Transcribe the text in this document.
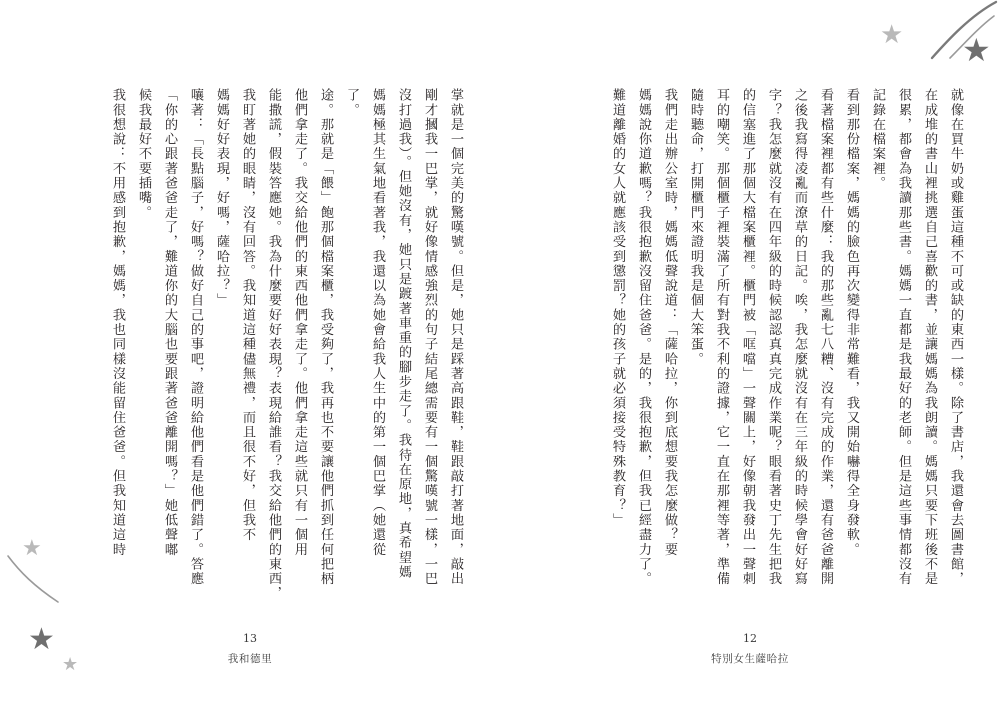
★ ★
★
★
★
掌就是一個完美的驚嘆號。但是，她只是踩著高跟鞋，鞋跟敲打著地面，敲出
剛才摑我一巴掌，就好像情感強烈的句子結尾總需要有一個驚嘆號一樣，一巴
沒打過我）。但她沒有，她只是踱著車重的腳步走了。我待在原地，真希望媽
媽媽極其生氣地看著我，我還以為她會給我人生中的第一個巴掌（她還從
了。
途。那就是「餵」飽那個檔案櫃，我受夠了，我再也不要讓他們抓到任何把柄
他們拿走了。我交給他們的東西他們拿走了。他們拿走這些就只有一個用
能撒謊，假裝答應她。我為什麼要好好表現？表現給誰看？我交給他們的東西，
我盯著她的眼睛，沒有回答。我知道這種儘無禮，而且很不好，但我不
媽媽好好表現，好嗎，薩哈拉？」
嚷著：「長點腦子，好嗎？做好自己的事吧，證明給他們看是他們錯了。答應
「你的心跟著爸爸走了，難道你的大腦也要跟著爸爸離開嗎？」她低聲嘟
候我最好不要插嘴。
我很想說：不用感到抱歉，媽媽，我也同樣沒能留住爸爸。但我知道這時
13
我和德里
就像在買牛奶或雞蛋這種不可或缺的東西一樣。除了書店，我還會去圖書館，
在成堆的書山裡挑選自己喜歡的書，並讓媽媽為我朗讀。媽媽只要下班後不是
很累，都會為我讀那些書。媽媽一直都是我最好的老師。但是這些事情都沒有
記錄在檔案裡。
看到那份檔案，媽媽的臉色再次變得非常難看，我又開始嚇得全身發軟。
看著檔案裡都有些什麼：我的那些亂七八糟、沒有完成的作業，還有爸爸離開
之後我寫得凌亂而潦草的日記。唉，我怎麼就沒有在三年級的時候學會好好寫
字？我怎麼就沒有在四年級的時候認認真真完成作業呢？眼看著史丁先生把我
的信塞進了那個大檔案櫃裡。櫃門被「哐噹」一聲關上，好像朝我發出一聲刺
耳的嘲笑。那個櫃子裡裝滿了所有對我不利的證據，它一直在那裡等著，準備
隨時聽命，打開櫃門來證明我是個大笨蛋。
我們走出辦公室時，媽媽低聲說道：「薩哈拉，你到底想要我怎麼做？要
媽媽說你道歉嗎？我很抱歉沒留住爸爸。是的，我很抱歉，但我已經盡力了。
難道離婚的女人就應該受到懲罰？她的孩子就必須接受特殊教育？」
12
特別女生薩哈拉
